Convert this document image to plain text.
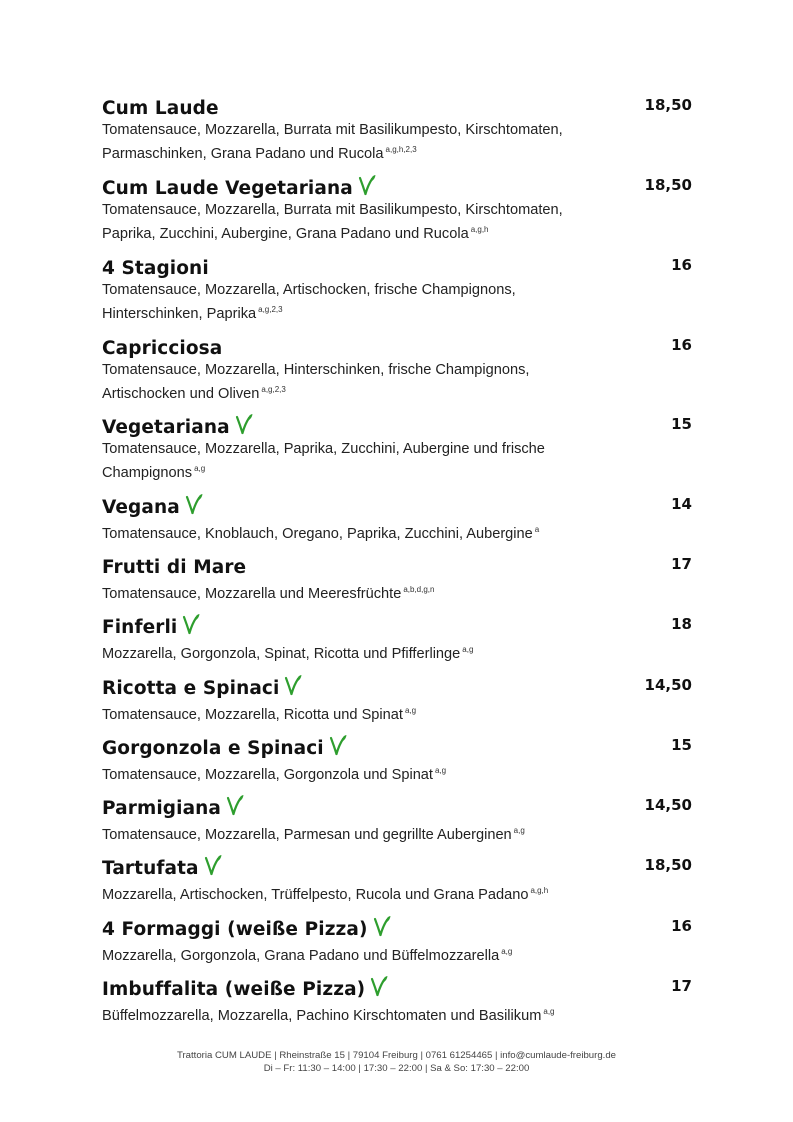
Cum Laude	18,50
Tomatensauce, Mozzarella, Burrata mit Basilikumpesto, Kirschtomaten,
Parmaschinken, Grana Padano und Rucola $^{a,g,h,2,3}$
Cum Laude Vegetariana	18,50
Tomatensauce, Mozzarella, Burrata mit Basilikumpesto, Kirschtomaten,
Paprika, Zucchini, Aubergine, Grana Padano und Rucola $^{a,g,h}$
4 Stagioni	16
Tomatensauce, Mozzarella, Artischocken, frische Champignons,
Hinterschinken, Paprika $^{a,g,2,3}$
Capricciosa	16
Tomatensauce, Mozzarella, Hinterschinken, frische Champignons,
Artischocken und Oliven $^{a,g,2,3}$
Vegetariana	15
Tomatensauce, Mozzarella, Paprika, Zucchini, Aubergine und frische
Champignons $^{a,g}$
Vegana	14
Tomatensauce, Knoblauch, Oregano, Paprika, Zucchini, Aubergine $^a$
Frutti di Mare	17
Tomatensauce, Mozzarella und Meeresfrüchte $^{a,b,d,g,n}$
Finferli	18
Mozzarella, Gorgonzola, Spinat, Ricotta und Pfifferlinge $^{a,g}$
Ricotta e Spinaci	14,50
Tomatensauce, Mozzarella, Ricotta und Spinat $^{a,g}$
Gorgonzola e Spinaci	15
Tomatensauce, Mozzarella, Gorgonzola und Spinat $^{a,g}$
Parmigiana	14,50
Tomatensauce, Mozzarella, Parmesan und gegrillte Auberginen $^{a,g}$
Tartufata	18,50
Mozzarella, Artischocken, Trüffelpesto, Rucola und Grana Padano $^{a,g,h}$
4 Formaggi (weiße Pizza)	16
Mozzarella, Gorgonzola, Grana Padano und Büffelmozzarella $^{a,g}$
Imbuffalita (weiße Pizza)	17
Büffelmozzarella, Mozzarella, Pachino Kirschtomaten und Basilikum $^{a,g}$
Trattoria CUM LAUDE | Rheinstraße 15 | 79104 Freiburg | 0761 61254465 | info@cumlaude-freiburg.de
Di – Fr: 11:30 – 14:00 | 17:30 – 22:00 | Sa & So: 17:30 – 22:00
